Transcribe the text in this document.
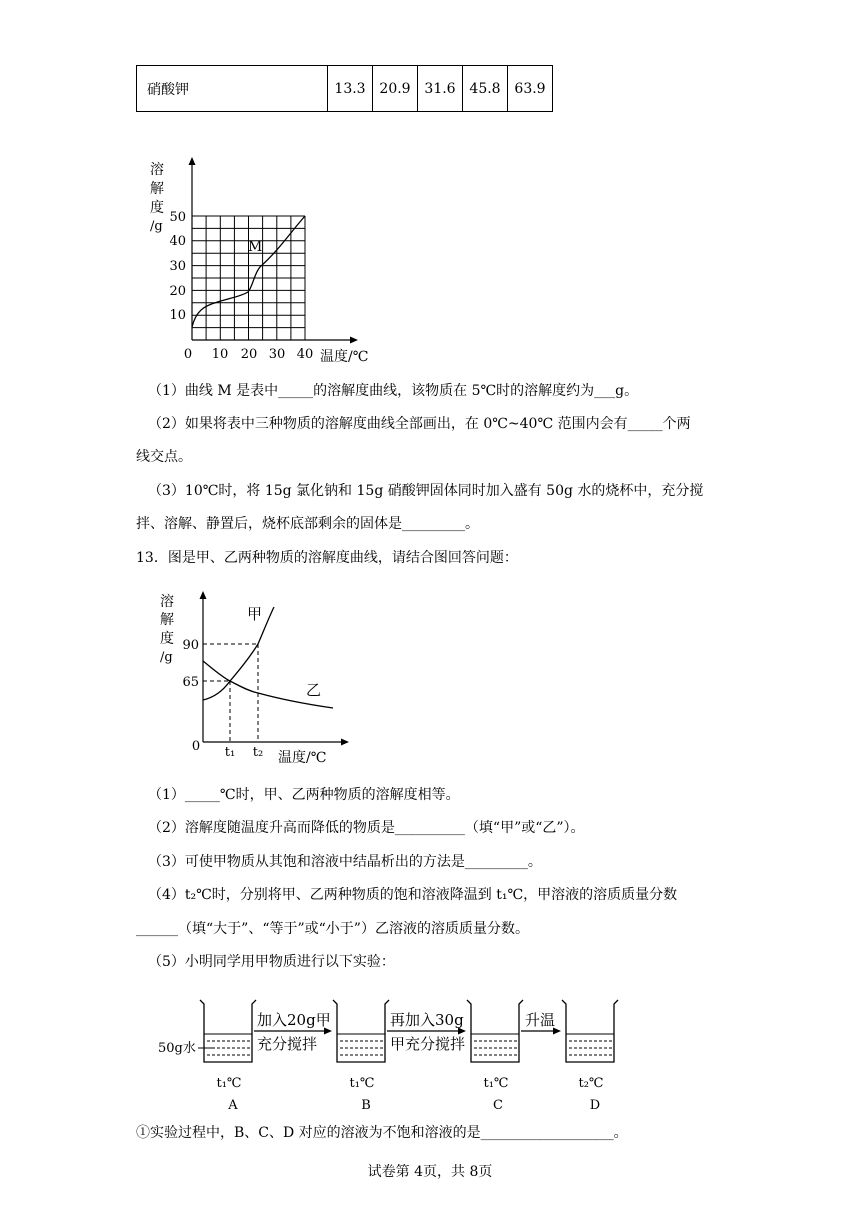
硝酸钾	13.3	20.9	31.6	45.8	63.9
M
溶
解
度
/g
10
20
30
40
50
0 10 20 30 40 温度/℃
（1）曲线 M 是表中_____的溶解度曲线，该物质在 5℃时的溶解度约为___g。
（2）如果将表中三种物质的溶解度曲线全部画出，在 0℃~40℃ 范围内会有_____个两
线交点。
（3）10℃时，将 15g 氯化钠和 15g 硝酸钾固体同时加入盛有 50g 水的烧杯中，充分搅
拌、溶解、静置后，烧杯底部剩余的固体是_________。
13．图是甲、乙两种物质的溶解度曲线，请结合图回答问题：
甲
乙
溶
解
度
/g
90
65
0 t₁ t₂ 温度/℃
（1）_____℃时，甲、乙两种物质的溶解度相等。
（2）溶解度随温度升高而降低的物质是__________（填“甲”或“乙”）。
（3）可使甲物质从其饱和溶液中结晶析出的方法是_________。
（4）t₂℃时，分别将甲、乙两种物质的饱和溶液降温到 t₁℃，甲溶液的溶质质量分数
______（填“大于”、“等于”或“小于”）乙溶液的溶质质量分数。
（5）小明同学用甲物质进行以下实验：
50g水
加入20g甲
充分搅拌
再加入30g
甲充分搅拌
升温
t₁℃
A
t₁℃
B
t₁℃
C
t₂℃
D
①实验过程中，B、C、D 对应的溶液为不饱和溶液的是___________________。
试卷第 4页，共 8页
